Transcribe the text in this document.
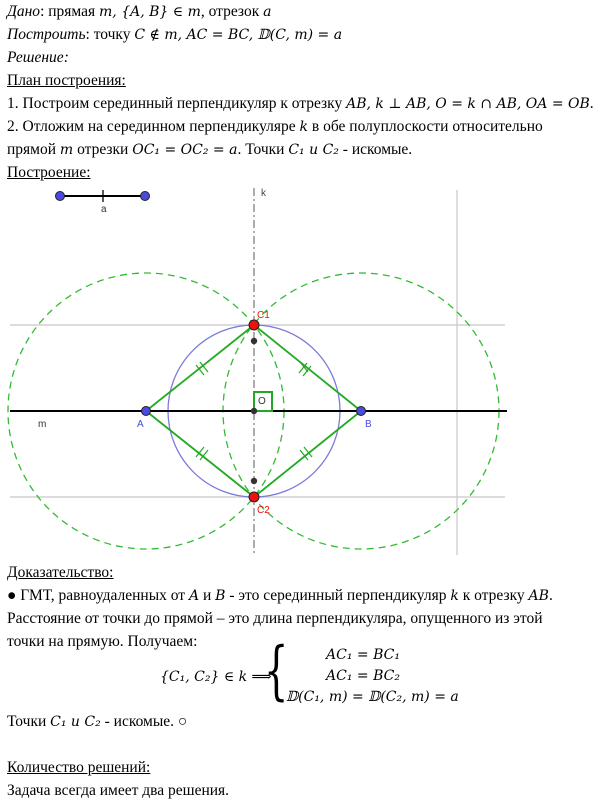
Дано: прямая m, {A, B} ∈ m, отрезок a
Построить: точку C ∉ m, AC = BC, 𝔻(C, m) = a
Решение:
План построения:
1. Построим серединный перпендикуляр к отрезку AB, k ⊥ AB, O = k ∩ AB, OA = OB.
2. Отложим на серединном перпендикуляре k в обе полуплоскости относительно
прямой m отрезки OC₁ = OC₂ = a. Точки C₁ и C₂ - искомые.
Построение:
k
a
m	A	B
O
C1
C2
Доказательство:
● ГМТ, равноудаленных от A и B - это серединный перпендикуляр k к отрезку AB.
Расстояние от точки до прямой – это длина перпендикуляра, опущенного из этой
точки на прямую. Получаем:
{C₁, C₂} ∈ k ⟹
{	AC₁ = BC₁
AC₁ = BC₂
𝔻(C₁, m) = 𝔻(C₂, m) = a
Точки C₁ и C₂ - искомые. ○
Количество решений:
Задача всегда имеет два решения.
